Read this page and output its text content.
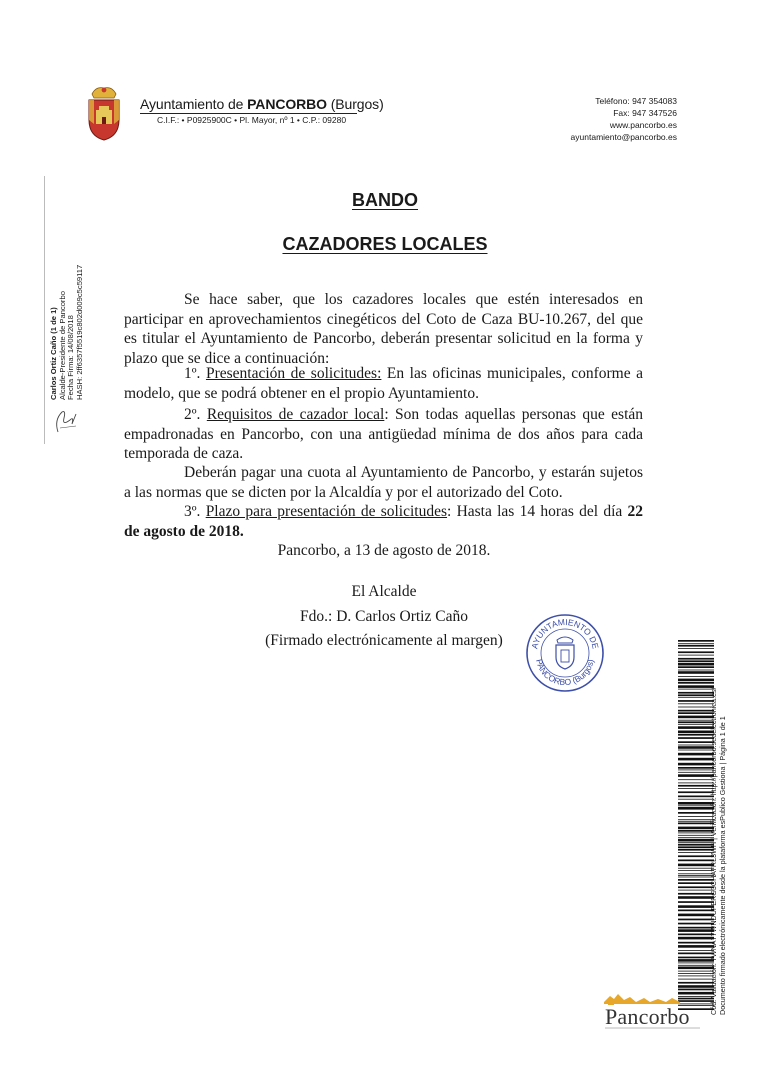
Ayuntamiento de PANCORBO (Burgos)
C.I.F.: • P0925900C • Pl. Mayor, nº 1 • C.P.: 09280
Teléfono: 947 354083
Fax: 947 347526
www.pancorbo.es
ayuntamiento@pancorbo.es
Carlos Ortiz Caño (1 de 1) Alcalde-Presidente de Pancorbo Fecha Firma: 14/08/2018 HASH: 2ff6357f5519c802d009c5c59117
BANDO
CAZADORES LOCALES
Se hace saber, que los cazadores locales que estén interesados en participar en aprovechamientos cinegéticos del Coto de Caza BU-10.267, del que es titular el Ayuntamiento de Pancorbo, deberán presentar solicitud en la forma y plazo que se dice a continuación:
1º. Presentación de solicitudes: En las oficinas municipales, conforme a modelo, que se podrá obtener en el propio Ayuntamiento.
2º. Requisitos de cazador local: Son todas aquellas personas que están empadronadas en Pancorbo, con una antigüedad mínima de dos años para cada temporada de caza.
Deberán pagar una cuota al Ayuntamiento de Pancorbo, y estarán sujetos a las normas que se dicten por la Alcaldía y por el autorizado del Coto.
3º. Plazo para presentación de solicitudes: Hasta las 14 horas del día 22 de agosto de 2018.
Pancorbo, a 13 de agosto de 2018.
El Alcalde
Fdo.: D. Carlos Ortiz Caño
(Firmado electrónicamente al margen)	AYUNTAMIENTO DE
PANCORBO (Burgos)
Cód. Validación: 7WNA77WNDUFERG3CHATRL3WH | Verificación: http://pancorbo.sedelectronica.es/ Documento firmado electrónicamente desde la plataforma esPublico Gestiona | Página 1 de 1
Pancorbo
